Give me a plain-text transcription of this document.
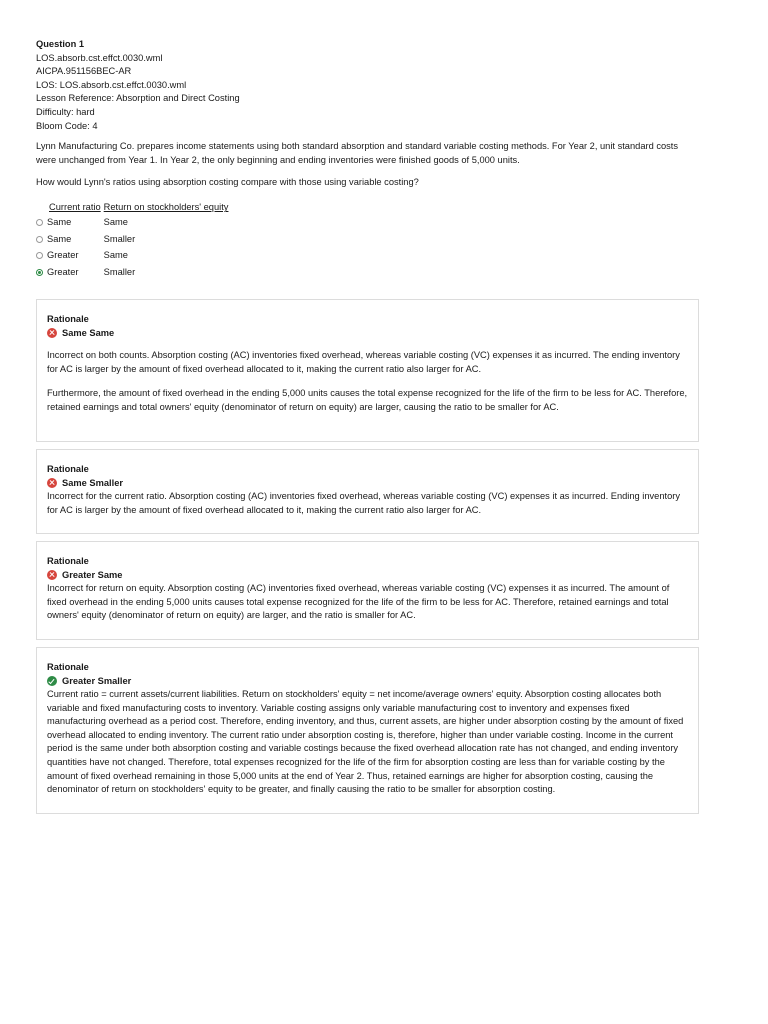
Question 1
LOS.absorb.cst.effct.0030.wml
AICPA.951156BEC-AR
LOS: LOS.absorb.cst.effct.0030.wml
Lesson Reference: Absorption and Direct Costing
Difficulty: hard
Bloom Code: 4
Lynn Manufacturing Co. prepares income statements using both standard absorption and standard variable costing methods. For Year 2, unit standard costs were unchanged from Year 1. In Year 2, the only beginning and ending inventories were finished goods of 5,000 units.
How would Lynn's ratios using absorption costing compare with those using variable costing?
Current ratio	Return on stockholders' equity
Same	Same
Same	Smaller
Greater	Same
Greater	Smaller
Rationale
Same Same

Incorrect on both counts. Absorption costing (AC) inventories fixed overhead, whereas variable costing (VC) expenses it as incurred. The ending inventory for AC is larger by the amount of fixed overhead allocated to it, making the current ratio also larger for AC.

Furthermore, the amount of fixed overhead in the ending 5,000 units causes the total expense recognized for the life of the firm to be less for AC. Therefore, retained earnings and total owners' equity (denominator of return on equity) are larger, causing the ratio to be smaller for AC.

Rationale
Same Smaller

Incorrect for the current ratio. Absorption costing (AC) inventories fixed overhead, whereas variable costing (VC) expenses it as incurred. Ending inventory for AC is larger by the amount of fixed overhead allocated to it, making the current ratio also larger for AC.

Rationale
Greater Same

Incorrect for return on equity. Absorption costing (AC) inventories fixed overhead, whereas variable costing (VC) expenses it as incurred. The amount of fixed overhead in the ending 5,000 units causes total expense recognized for the life of the firm to be less for AC. Therefore, retained earnings and total owners' equity (denominator of return on equity) are larger, and the ratio is smaller for AC.

Rationale
Greater Smaller

Current ratio = current assets/current liabilities. Return on stockholders' equity = net income/average owners' equity. Absorption costing allocates both variable and fixed manufacturing costs to inventory. Variable costing assigns only variable manufacturing cost to inventory and expenses fixed manufacturing overhead as a period cost. Therefore, ending inventory, and thus, current assets, are higher under absorption costing by the amount of fixed overhead allocated to ending inventory. The current ratio under absorption costing is, therefore, higher than under variable costing. Income in the current period is the same under both absorption costing and variable costings because the fixed overhead allocation rate has not changed, and ending inventory quantities have not changed. Therefore, total expenses recognized for the life of the firm for absorption costing are less than for variable costing by the amount of fixed overhead remaining in those 5,000 units at the end of Year 2. Thus, retained earnings are higher for absorption costing, causing the denominator of return on stockholders' equity to be greater, and finally causing the ratio to be smaller for absorption costing.
